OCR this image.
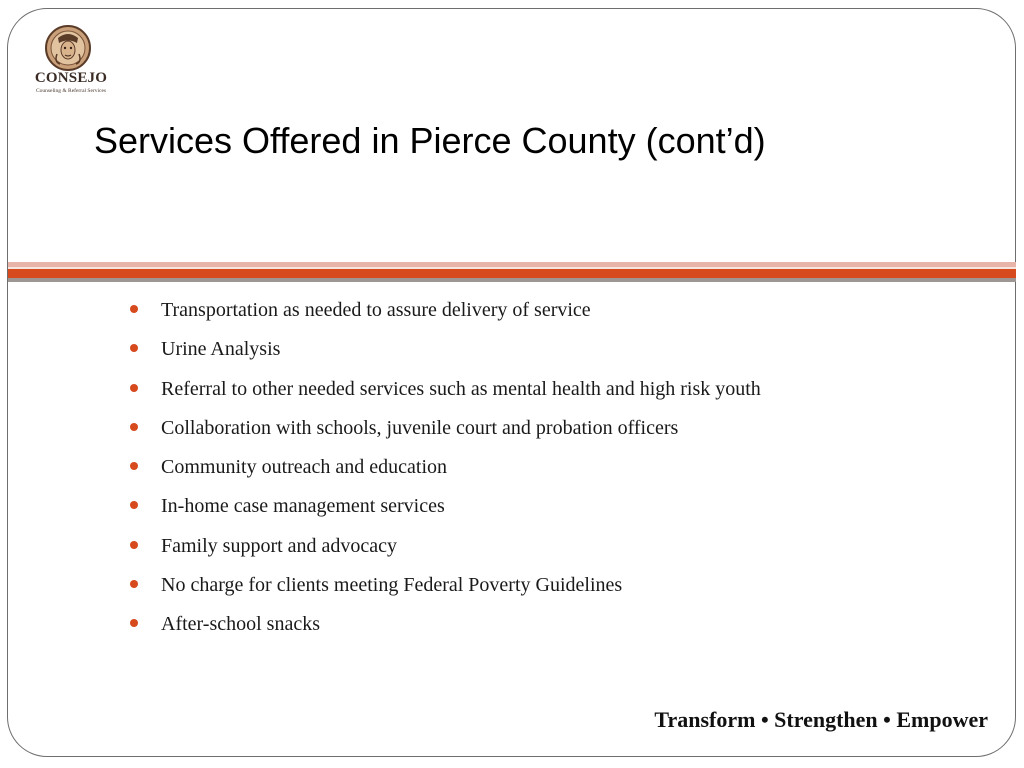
CONSEJO
Counseling & Referral Services
Services Offered in Pierce County (cont’d)
Transportation as needed to assure delivery of service
Urine Analysis
Referral to other needed services such as mental health and high risk youth
Collaboration with schools, juvenile court and probation officers
Community outreach and education
In-home case management services
Family support and advocacy
No charge for clients meeting Federal Poverty Guidelines
After-school snacks
Transform • Strengthen • Empower
